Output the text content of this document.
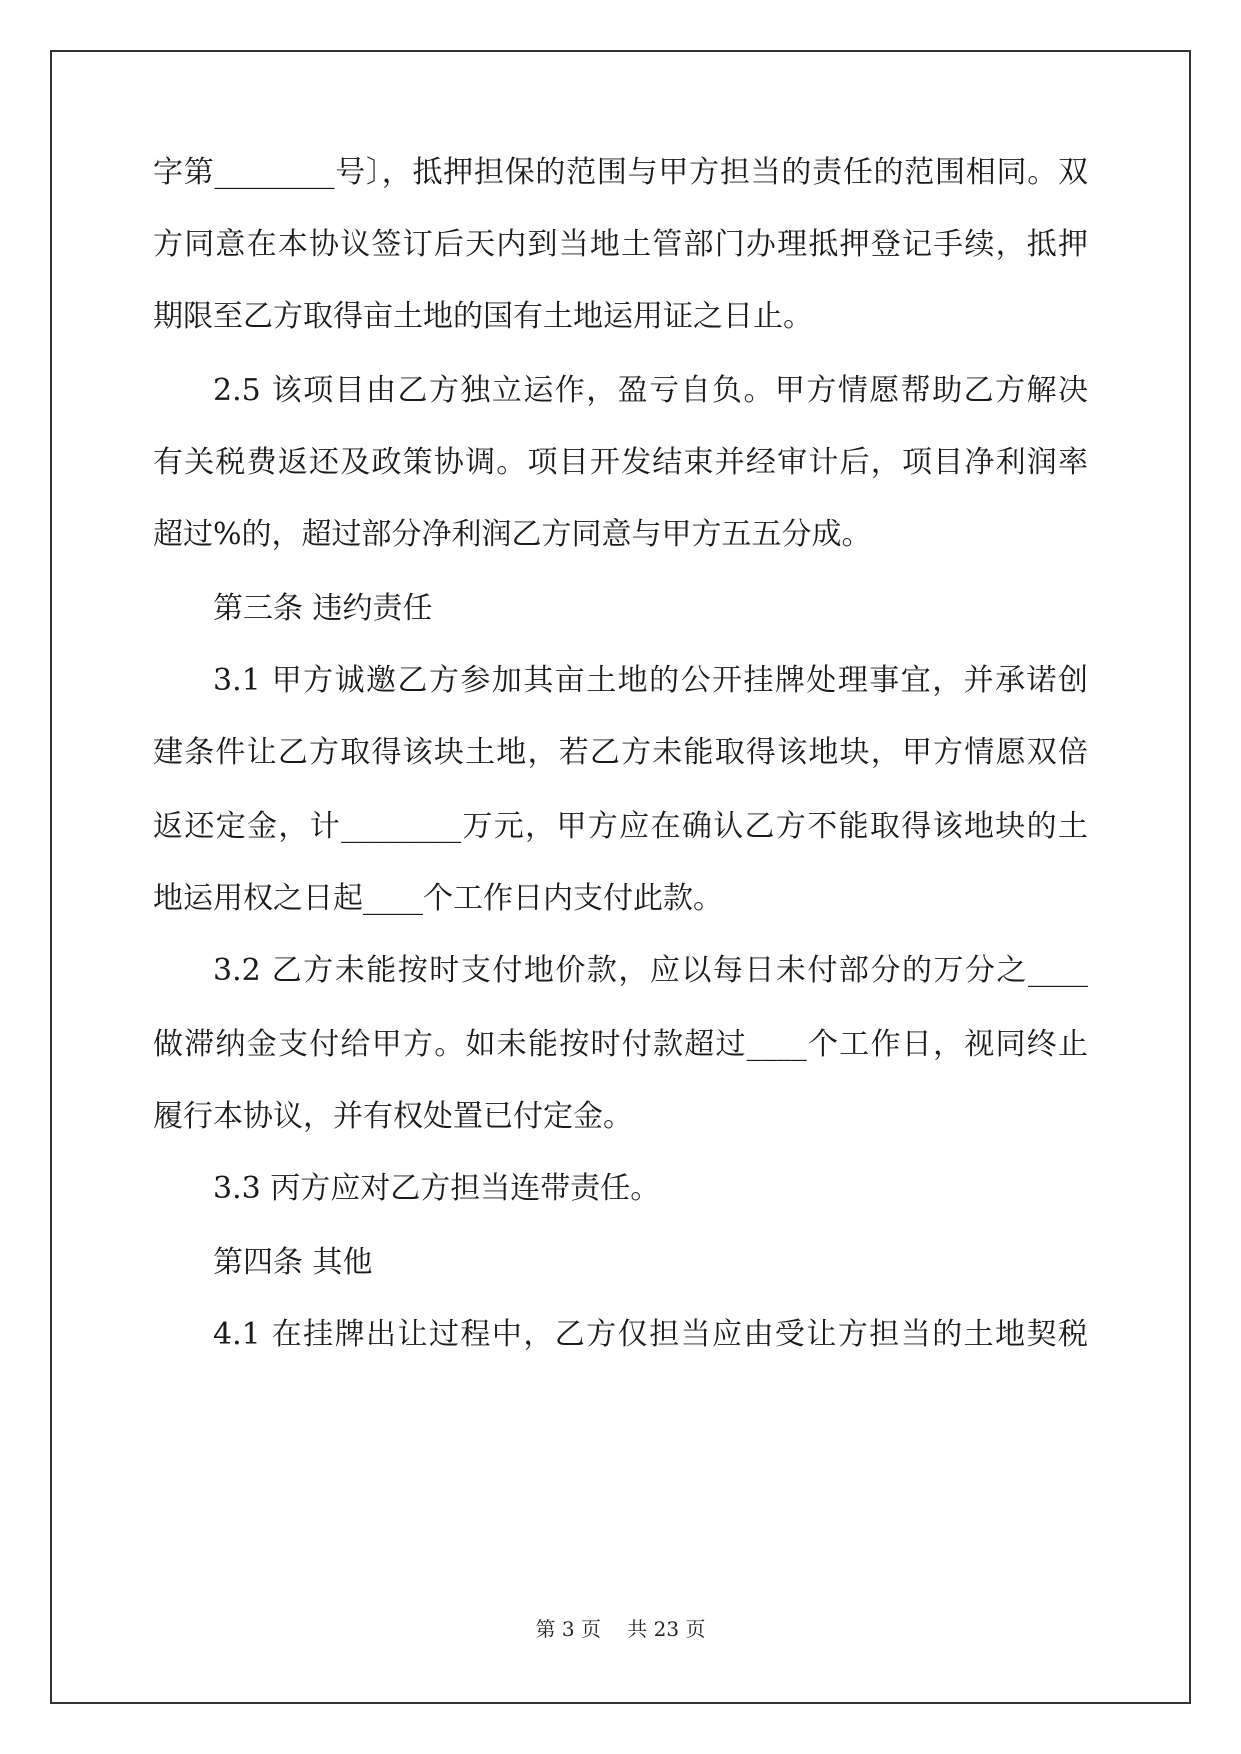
字第________号〕，抵押担保的范围与甲方担当的责任的范围相同。双
方同意在本协议签订后天内到当地土管部门办理抵押登记手续，抵押
期限至乙方取得亩土地的国有土地运用证之日止。
2.5 该项目由乙方独立运作，盈亏自负。甲方情愿帮助乙方解决
有关税费返还及政策协调。项目开发结束并经审计后，项目净利润率
超过%的，超过部分净利润乙方同意与甲方五五分成。
第三条 违约责任
3.1 甲方诚邀乙方参加其亩土地的公开挂牌处理事宜，并承诺创
建条件让乙方取得该块土地，若乙方未能取得该地块，甲方情愿双倍
返还定金，计________万元，甲方应在确认乙方不能取得该地块的土
地运用权之日起____个工作日内支付此款。
3.2 乙方未能按时支付地价款，应以每日未付部分的万分之____
做滞纳金支付给甲方。如未能按时付款超过____个工作日，视同终止
履行本协议，并有权处置已付定金。
3.3 丙方应对乙方担当连带责任。
第四条 其他
4.1 在挂牌出让过程中，乙方仅担当应由受让方担当的土地契税
第 3 页　 共 23 页
